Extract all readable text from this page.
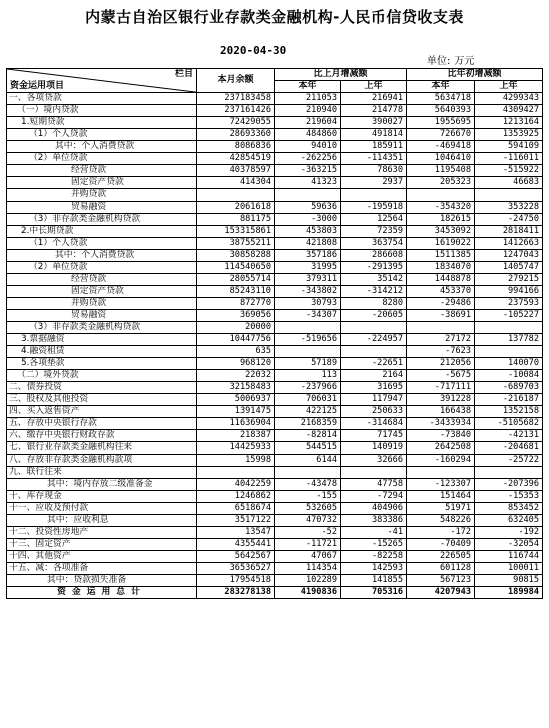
内蒙古自治区银行业存款类金融机构-人民币信贷收支表
2020-04-30
单位: 万元
栏目
资金运用项目	本月余额	比上月增减额		比年初增减额	
		本年	上年	本年	上年
一、各项贷款	237183458	211053	216941	5634718	4299343
（一）境内贷款	237161426	210940	214778	5640393	4309427
1.短期贷款	72429055	219604	390027	1955695	1213164
（1）个人贷款	28693360	484860	491814	726670	1353925
其中：个人消费贷款	8086836	94010	185911	-469418	594109
（2）单位贷款	42854519	-262256	-114351	1046410	-116011
经营贷款	40378597	-363215	78630	1195408	-515922
固定资产贷款	414304	41323	2937	205323	46683
并购贷款					
贸易融资	2061618	59636	-195918	-354320	353228
（3）非存款类金融机构贷款	881175	-3000	12564	182615	-24750
2.中长期贷款	153315861	453803	72359	3453092	2818411
（1）个人贷款	38755211	421808	363754	1619022	1412663
其中：个人消费贷款	30858288	357186	286608	1511385	1247043
（2）单位贷款	114540650	31995	-291395	1834070	1405747
经营贷款	28055714	379311	35142	1448878	279215
固定资产贷款	85243110	-343802	-314212	453370	994166
并购贷款	872770	30793	8280	-29486	237593
贸易融资	369056	-34307	-20605	-38691	-105227
（3）非存款类金融机构贷款	20000				
3.票据融资	10447756	-519656	-224957	27172	137782
4.融资租赁	635			-7623	
5.各项垫款	968120	57189	-22651	212056	140070
（二）境外贷款	22032	113	2164	-5675	-10084
二、债券投资	32158483	-237966	31695	-717111	-689703
三、股权及其他投资	5006937	706031	117947	391228	-216187
四、买入返售资产	1391475	422125	250633	166438	1352158
五、存放中央银行存款	11636904	2168359	-314684	-3433934	-5105682
六、缴存中央银行财政存款	218387	-82814	71745	-73840	-42131
七、银行业存款类金融机构往来	14425933	544515	140919	2642508	-204681
八、存放非存款类金融机构款项	15998	6144	32666	-160294	-25722
九、联行往来					
其中：境内存放二级准备金	4042259	-43478	47758	-123307	-207396
十、库存现金	1246862	-155	-7294	151464	-15353
十一、应收及预付款	6518674	532605	404906	51971	853452
其中：应收利息	3517122	470732	383386	548226	632405
十二、投资性房地产	13547	-52	-41	-172	-192
十三、固定资产	4355441	-11721	-15265	-70409	-32054
十四、其他资产	5642567	47067	-82258	226505	116744
十五、减：各项准备	36536527	114354	142593	601128	100011
其中：贷款损失准备	17954518	102289	141855	567123	90815
资金运用总计	283278138	4190836	705316	4207943	189984
